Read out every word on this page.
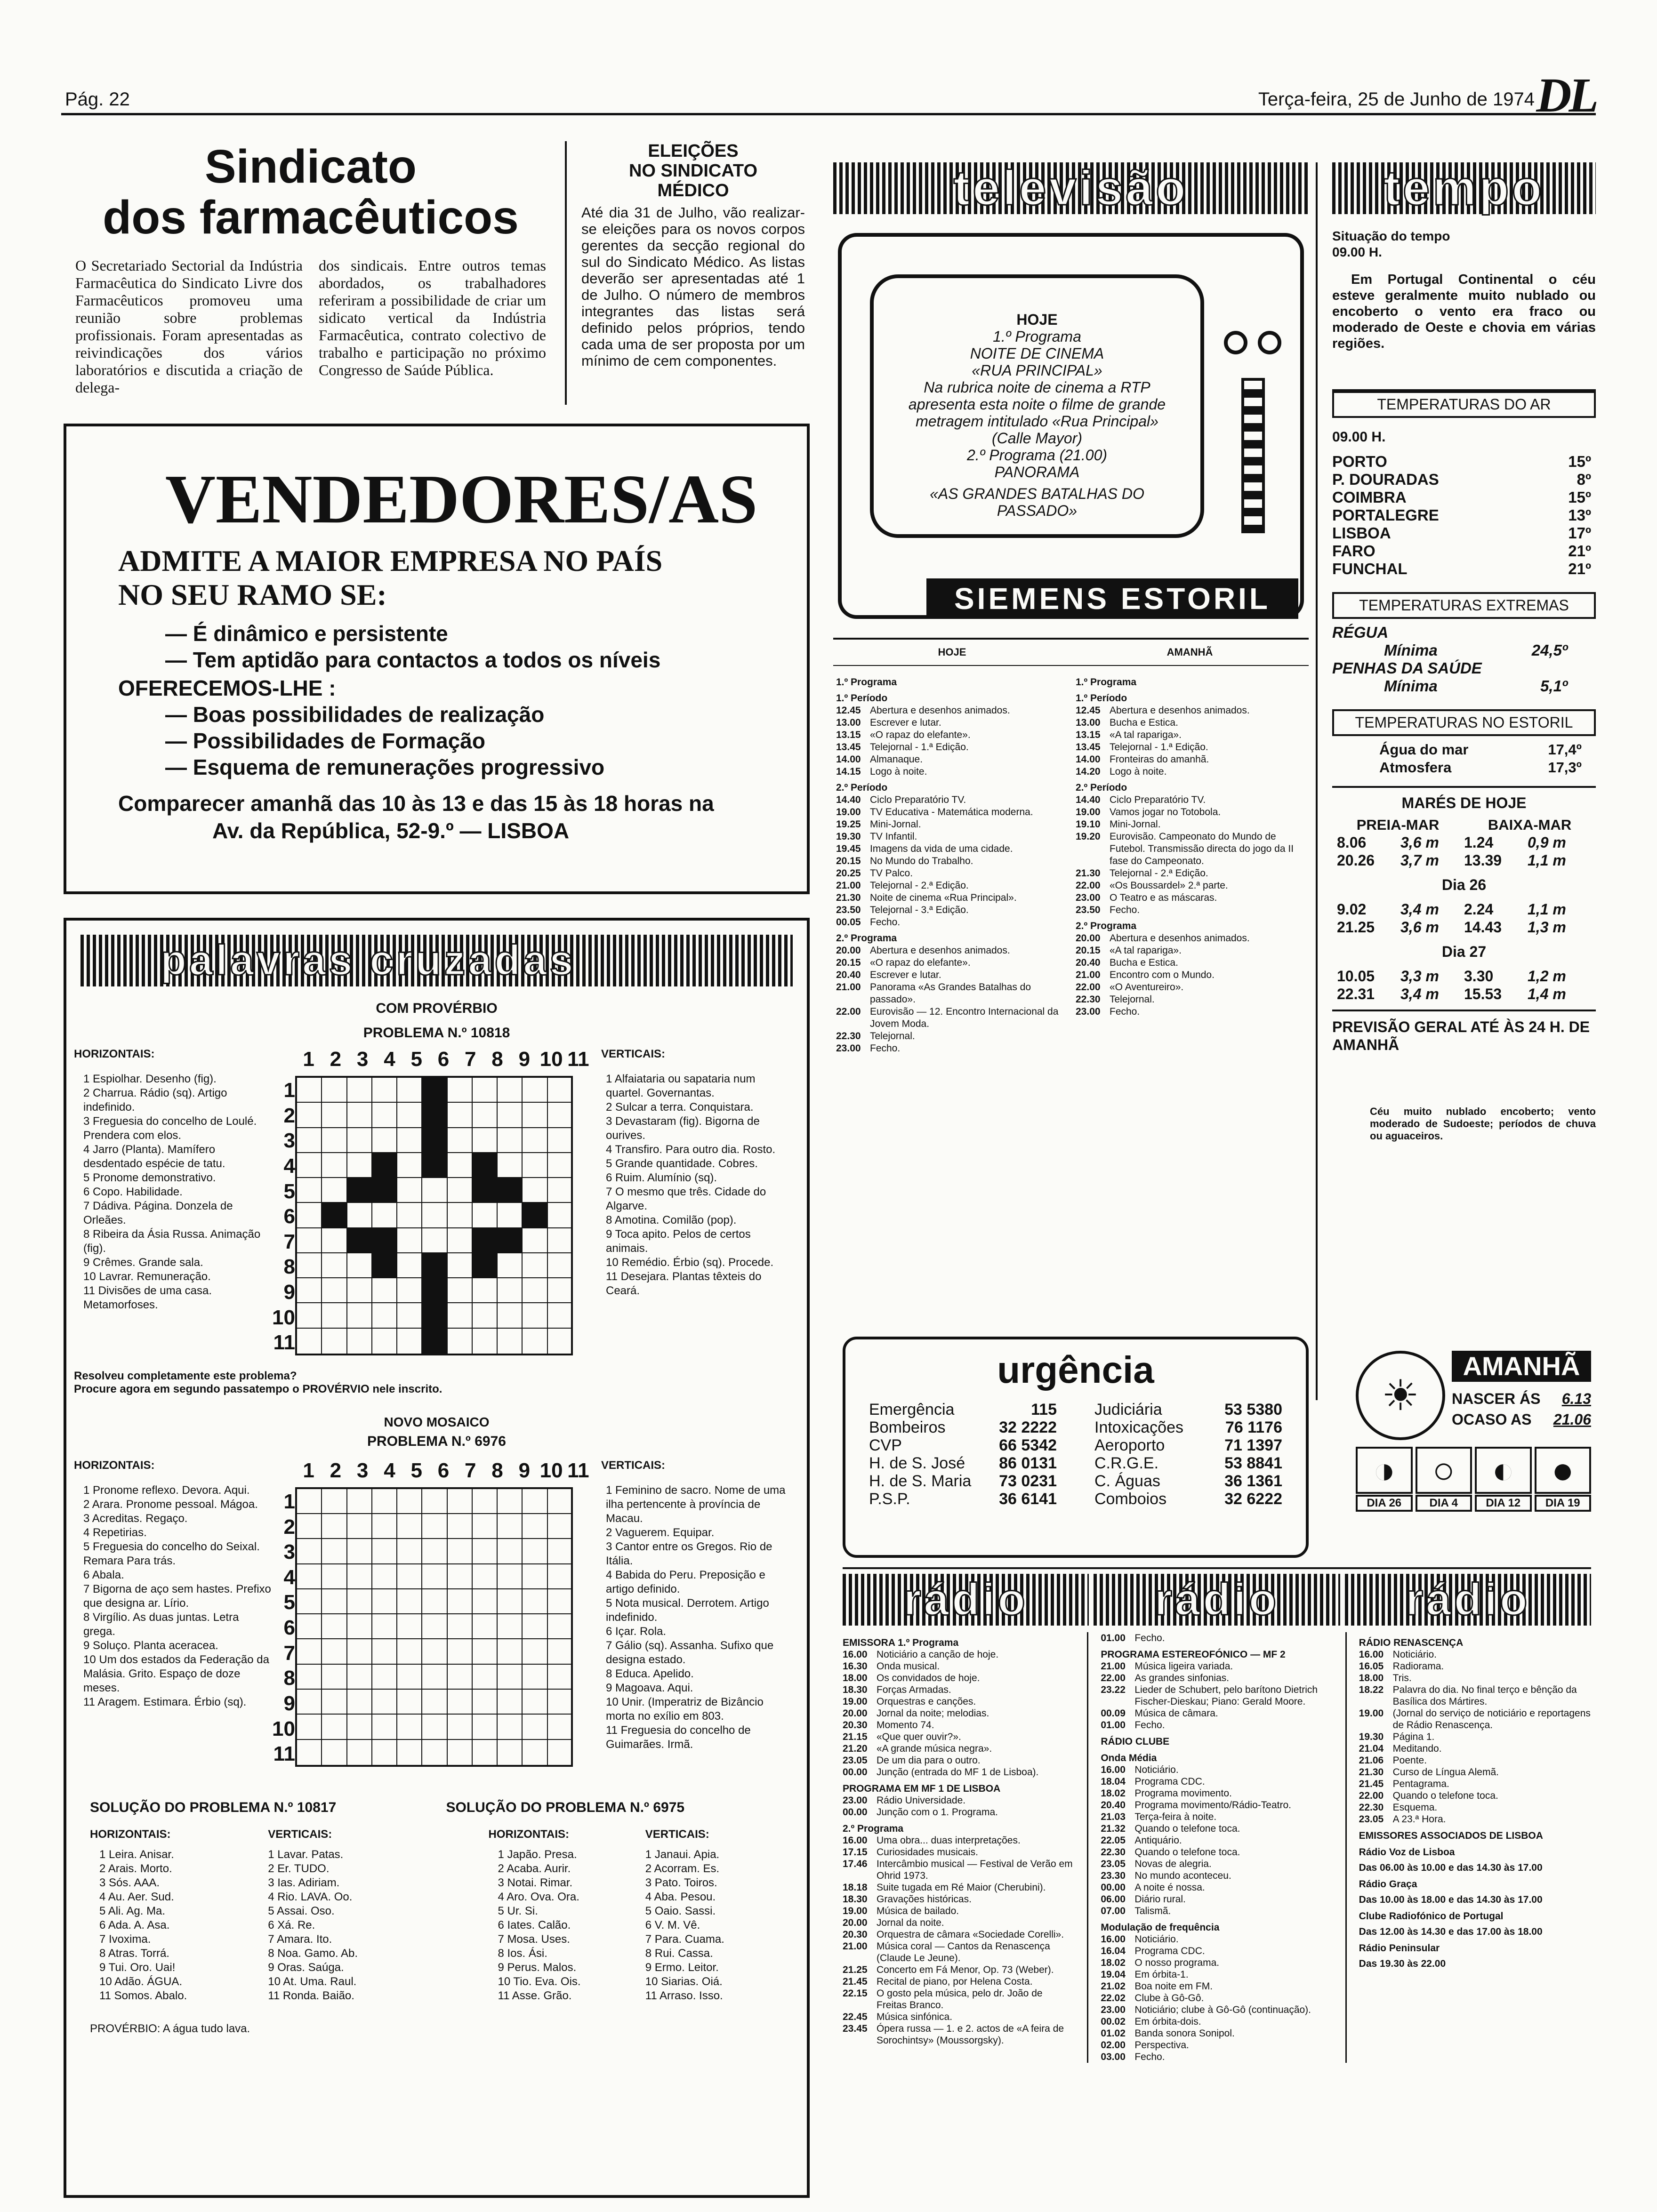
Pág. 22	Terça-feira, 25 de Junho de 1974 DL
Sindicato
dos farmacêuticos

O Secretariado Sectorial da Indústria Farmacêutica do Sindicato Livre dos Farmacêuticos promoveu uma reunião sobre problemas profissionais. Foram apresentadas as reivindicações dos vários laboratórios e discutida a criação de delega-

dos sindicais. Entre outros temas abordados, os trabalhadores referiram a possibilidade de criar um sidicato vertical da Indústria Farmacêutica, contrato colectivo de trabalho e participação no próximo Congresso de Saúde Pública.

ELEIÇÕES
NO SINDICATO
MÉDICO

Até dia 31 de Julho, vão realizar-se eleições para os novos corpos gerentes da secção regional do sul do Sindicato Médico. As listas deverão ser apresentadas até 1 de Julho. O número de membros integrantes das listas será definido pelos próprios, tendo cada uma de ser proposta por um mínimo de cem componentes.

VENDEDORES/AS
ADMITE A MAIOR EMPRESA NO PAÍS
NO SEU RAMO SE:
— É dinâmico e persistente
— Tem aptidão para contactos a todos os níveis
OFERECEMOS-LHE :
— Boas possibilidades de realização
— Possibilidades de Formação
— Esquema de remunerações progressivo
Comparecer amanhã das 10 às 13 e das 15 às 18 horas na
Av. da República, 52-9.º — LISBOA
palavras cruzadas
COM PROVÉRBIO
PROBLEMA N.º 10818
HORIZONTAIS:
1 Espiolhar. Desenho (fig).
2 Charrua. Rádio (sq). Artigo indefinido.
3 Freguesia do concelho de Loulé. Prendera com elos.
4 Jarro (Planta). Mamífero desdentado espécie de tatu.
5 Pronome demonstrativo.
6 Copo. Habilidade.
7 Dádiva. Página. Donzela de Orleães.
8 Ribeira da Ásia Russa. Animação (fig).
9 Crêmes. Grande sala.
10 Lavrar. Remuneração.
11 Divisões de uma casa. Metamorfoses.
1 2 3 4 5 6 7 8 9 10 11
1
2
3
4
5
6
7
8
9
10
11
VERTICAIS:
1 Alfaiataria ou sapataria num quartel. Governantas.
2 Sulcar a terra. Conquistara.
3 Devastaram (fig). Bigorna de ourives.
4 Transfiro. Para outro dia. Rosto.
5 Grande quantidade. Cobres.
6 Ruim. Alumínio (sq).
7 O mesmo que três. Cidade do Algarve.
8 Amotina. Comilão (pop).
9 Toca apito. Pelos de certos animais.
10 Remédio. Érbio (sq). Procede.
11 Desejara. Plantas têxteis do Ceará.
Resolveu completamente este problema?
Procure agora em segundo passatempo o PROVÉRVIO nele inscrito.
NOVO MOSAICO
PROBLEMA N.º 6976
HORIZONTAIS:
1 Pronome reflexo. Devora. Aqui.
2 Arara. Pronome pessoal. Mágoa.
3 Acreditas. Regaço.
4 Repetirias.
5 Freguesia do concelho do Seixal. Remara Para trás.
6 Abala.
7 Bigorna de aço sem hastes. Prefixo que designa ar. Lírio.
8 Virgílio. As duas juntas. Letra grega.
9 Soluço. Planta aceracea.
10 Um dos estados da Federação da Malásia. Grito. Espaço de doze meses.
11 Aragem. Estimara. Érbio (sq).
1 2 3 4 5 6 7 8 9 10 11
1
2
3
4
5
6
7
8
9
10
11
VERTICAIS:
1 Feminino de sacro. Nome de uma ilha pertencente à província de Macau.
2 Vaguerem. Equipar.
3 Cantor entre os Gregos. Rio de Itália.
4 Babida do Peru. Preposição e artigo definido.
5 Nota musical. Derrotem. Artigo indefinido.
6 Içar. Rola.
7 Gálio (sq). Assanha. Sufixo que designa estado.
8 Educa. Apelido.
9 Magoava. Aqui.
10 Unir. (Imperatriz de Bizâncio morta no exílio em 803.
11 Freguesia do concelho de Guimarães. Irmã.
SOLUÇÃO DO PROBLEMA N.º 10817
HORIZONTAIS:
1 Leira. Anisar.
2 Arais. Morto.
3 Sós. AAA.
4 Au. Aer. Sud.
5 Ali. Ag. Ma.
6 Ada. A. Asa.
7 Ivoxima.
8 Atras. Torrá.
9 Tui. Oro. Uai!
10 Adão. ÁGUA.
11 Somos. Abalo.
VERTICAIS:
1 Lavar. Patas.
2 Er. TUDO.
3 Ias. Adiriam.
4 Rio. LAVA. Oo.
5 Assai. Oso.
6 Xá. Re.
7 Amara. Ito.
8 Noa. Gamo. Ab.
9 Oras. Saúga.
10 At. Uma. Raul.
11 Ronda. Baião.
PROVÉRBIO: A água tudo lava.
SOLUÇÃO DO PROBLEMA N.º 6975
HORIZONTAIS:
1 Japão. Presa.
2 Acaba. Aurir.
3 Notai. Rimar.
4 Aro. Ova. Ora.
5 Ur. Si.
6 Iates. Calão.
7 Mosa. Uses.
8 Ios. Ási.
9 Perus. Malos.
10 Tio. Eva. Ois.
11 Asse. Grão.
VERTICAIS:
1 Janaui. Apia.
2 Acorram. Es.
3 Pato. Toiros.
4 Aba. Pesou.
5 Oaio. Sassi.
6 V. M. Vê.
7 Para. Cuama.
8 Rui. Cassa.
9 Ermo. Leitor.
10 Siarias. Oiá.
11 Arraso. Isso.
televisão
HOJE
1.º Programa
NOITE DE CINEMA
«RUA PRINCIPAL»
Na rubrica noite de cinema a RTP apresenta esta noite o filme de grande metragem intitulado «Rua Principal» (Calle Mayor)
2.º Programa (21.00)
PANORAMA
«AS GRANDES BATALHAS DO PASSADO»
SIEMENS ESTORIL
HOJE	AMANHÃ
1.º Programa
1.º Período
12.45 Abertura e desenhos animados.
13.00 Escrever e lutar.
13.15 «O rapaz do elefante».
13.45 Telejornal - 1.ª Edição.
14.00 Almanaque.
14.15 Logo à noite.
2.º Período
14.40 Ciclo Preparatório TV.
19.00 TV Educativa - Matemática moderna.
19.25 Mini-Jornal.
19.30 TV Infantil.
19.45 Imagens da vida de uma cidade.
20.15 No Mundo do Trabalho.
20.25 TV Palco.
21.00 Telejornal - 2.ª Edição.
21.30 Noite de cinema «Rua Principal».
23.50 Telejornal - 3.ª Edição.
00.05 Fecho.
2.º Programa
20.00 Abertura e desenhos animados.
20.15 «O rapaz do elefante».
20.40 Escrever e lutar.
21.00 Panorama «As Grandes Batalhas do passado».
22.00 Eurovisão — 12. Encontro Internacional da Jovem Moda.
22.30 Telejornal.
23.00 Fecho.
1.º Programa
1.º Período
12.45 Abertura e desenhos animados.
13.00 Bucha e Estica.
13.15 «A tal rapariga».
13.45 Telejornal - 1.ª Edição.
14.00 Fronteiras do amanhã.
14.20 Logo à noite.
2.º Período
14.40 Ciclo Preparatório TV.
19.00 Vamos jogar no Totobola.
19.10 Mini-Jornal.
19.20 Eurovisão. Campeonato do Mundo de Futebol. Transmissão directa do jogo da II fase do Campeonato.
21.30 Telejornal - 2.ª Edição.
22.00 «Os Boussardel» 2.ª parte.
23.00 O Teatro e as máscaras.
23.50 Fecho.
2.º Programa
20.00 Abertura e desenhos animados.
20.15 «A tal rapariga».
20.40 Bucha e Estica.
21.00 Encontro com o Mundo.
22.00 «O Aventureiro».
22.30 Telejornal.
23.00 Fecho.
urgência
Emergência	115
Bombeiros	32 2222
CVP	66 5342
H. de S. José 86 0131
H. de S. Maria 73 0231
P.S.P.	36 6141
Judiciária	53 5380
Intoxicações	76 1176
Aeroporto	71 1397
C.R.G.E.	53 8841
C. Águas	36 1361
Comboios	32 6222
tempo
Situação do tempo
09.00 H.

Em Portugal Continental o céu esteve geralmente muito nublado ou encoberto o vento era fraco ou moderado de Oeste e chovia em várias regiões.

TEMPERATURAS DO AR
09.00 H.
PORTO	15º
P. DOURADAS	8º
COIMBRA	15º
PORTALEGRE	13º
LISBOA	17º
FARO	21º
FUNCHAL	21º
TEMPERATURAS EXTREMAS
RÉGUA
Mínima	24,5º
PENHAS DA SAÚDE
Mínima	5,1º
TEMPERATURAS NO ESTORIL
Água do mar	17,4º
Atmosfera	17,3º
MARÉS DE HOJE
PREIA-MAR	BAIXA-MAR
8.06	3,6 m	1.24	0,9 m
20.26	3,7 m	13.39	1,1 m
Dia 26
9.02	3,4 m	2.24	1,1 m
21.25	3,6 m	14.43	1,3 m
Dia 27
10.05	3,3 m	3.30	1,2 m
22.31	3,4 m	15.53	1,4 m
PREVISÃO GERAL ATÉ ÀS 24 H. DE AMANHÃ

Céu muito nublado encoberto; vento moderado de Sudoeste; períodos de chuva ou aguaceiros.

☀
AMANHÃ
NASCER ÁS 6.13
OCASO AS 21.06
◑ ○ ◐ ●
DIA 26	DIA 4	DIA 12	DIA 19
rádio	rádio	rádio
EMISSORA 1.º Programa
16.00 Noticiário a canção de hoje.
16.30 Onda musical.
18.00 Os convidados de hoje.
18.30 Forças Armadas.
19.00 Orquestras e canções.
20.00 Jornal da noite; melodias.
20.30 Momento 74.
21.15 «Que quer ouvir?».
21.20 «A grande música negra».
23.05 De um dia para o outro.
00.00 Junção (entrada do MF 1 de Lisboa).
PROGRAMA EM MF 1 DE LISBOA
23.00 Rádio Universidade.
00.00 Junção com o 1. Programa.
2.º Programa
16.00 Uma obra... duas interpretações.
17.15 Curiosidades musicais.
17.46 Intercâmbio musical — Festival de Verão em Ohrid 1973.
18.18 Suite tugada em Ré Maior (Cherubini).
18.30 Gravações históricas.
19.00 Música de bailado.
20.00 Jornal da noite.
20.30 Orquestra de câmara «Sociedade Corelli».
21.00 Música coral — Cantos da Renascença (Claude Le Jeune).
21.25 Concerto em Fá Menor, Op. 73 (Weber).
21.45 Recital de piano, por Helena Costa.
22.15 O gosto pela música, pelo dr. João de Freitas Branco.
22.45 Música sinfónica.
23.45 Ópera russa — 1. e 2. actos de «A feira de Sorochintsy» (Moussorgsky).
01.00 Fecho.
PROGRAMA ESTEREOFÓNICO — MF 2
21.00 Música ligeira variada.
22.00 As grandes sinfonias.
23.22 Lieder de Schubert, pelo barítono Dietrich Fischer-Dieskau; Piano: Gerald Moore.
00.09 Música de câmara.
01.00 Fecho.
RÁDIO CLUBE
Onda Média
16.00 Noticiário.
18.04 Programa CDC.
18.02 Programa movimento.
20.40 Programa movimento/Rádio-Teatro.
21.03 Terça-feira à noite.
21.32 Quando o telefone toca.
22.05 Antiquário.
22.30 Quando o telefone toca.
23.05 Novas de alegria.
23.30 No mundo aconteceu.
00.00 A noite é nossa.
06.00 Diário rural.
07.00 Talismã.
Modulação de frequência
16.00 Noticiário.
16.04 Programa CDC.
18.02 O nosso programa.
19.04 Em órbita-1.
21.02 Boa noite em FM.
22.02 Clube à Gô-Gô.
23.00 Noticiário; clube à Gô-Gô (continuação).
00.02 Em órbita-dois.
01.02 Banda sonora Sonipol.
02.00 Perspectiva.
03.00 Fecho.
RÁDIO RENASCENÇA
16.00 Noticiário.
16.05 Radiorama.
18.00 Tris.
18.22 Palavra do dia. No final terço e bênção da Basílica dos Mártires.
19.00 (Jornal do serviço de noticiário e reportagens de Rádio Renascença.
19.30 Página 1.
21.04 Meditando.
21.06 Poente.
21.30 Curso de Língua Alemã.
21.45 Pentagrama.
22.00 Quando o telefone toca.
22.30 Esquema.
23.05 A 23.ª Hora.
EMISSORES ASSOCIADOS DE LISBOA
Rádio Voz de Lisboa
Das 06.00 às 10.00 e das 14.30 às 17.00
Rádio Graça
Das 10.00 às 18.00 e das 14.30 às 17.00
Clube Radiofónico de Portugal
Das 12.00 às 14.30 e das 17.00 às 18.00
Rádio Peninsular
Das 19.30 às 22.00
